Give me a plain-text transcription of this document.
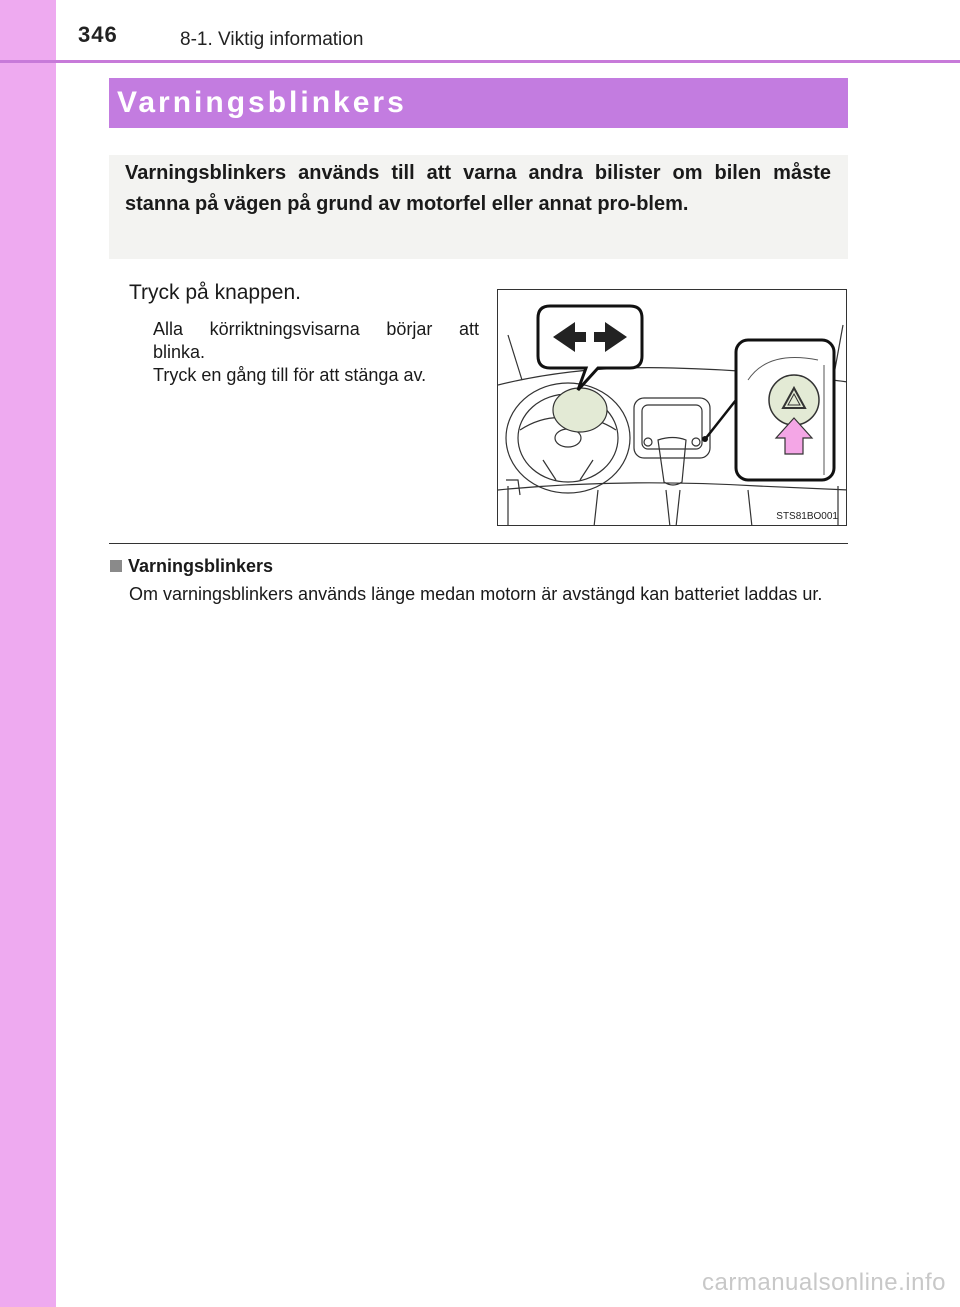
346	8-1. Viktig information
Varningsblinkers
Varningsblinkers används till att varna andra bilister om bilen måste stanna på vägen på grund av motorfel eller annat pro-blem.
Tryck på knappen.

Alla körriktningsvisarna börjar att

blinka.

Tryck en gång till för att stänga av.

STS81BO001
Varningsblinkers
Om varningsblinkers används länge medan motorn är avstängd kan batteriet laddas ur.
carmanualsonline.info
